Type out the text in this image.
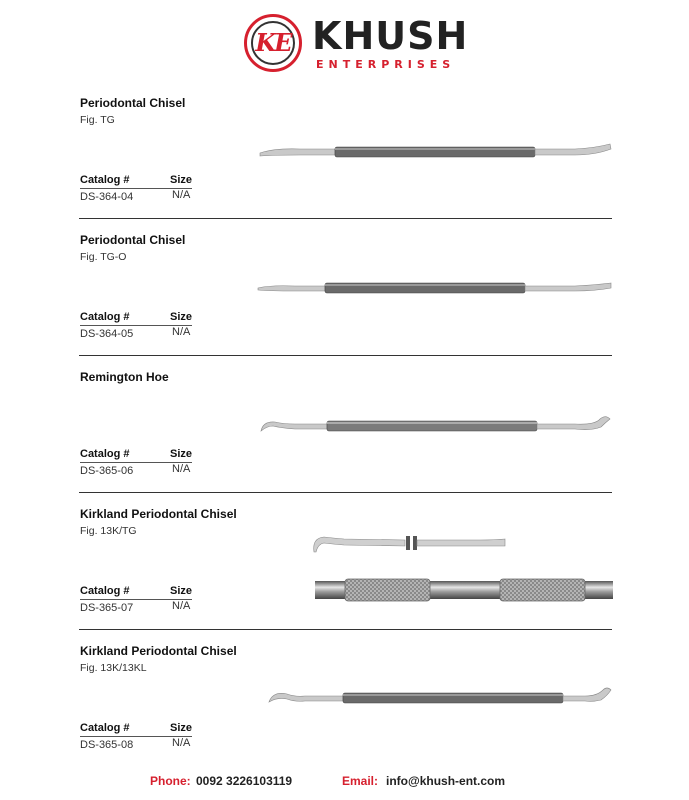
KE KHUSH
ENTERPRISES
Periodontal Chisel
Fig. TG
Catalog #	Size
DS-364-04	N/A
Periodontal Chisel
Fig. TG-O
Catalog #	Size
DS-364-05	N/A
Remington Hoe
Catalog #	Size
DS-365-06	N/A
Kirkland Periodontal Chisel
Fig. 13K/TG
Catalog #	Size
DS-365-07	N/A
Kirkland Periodontal Chisel
Fig. 13K/13KL
Catalog #	Size
DS-365-08	N/A
Phone: 0092 3226103119	Email: info@khush-ent.com
